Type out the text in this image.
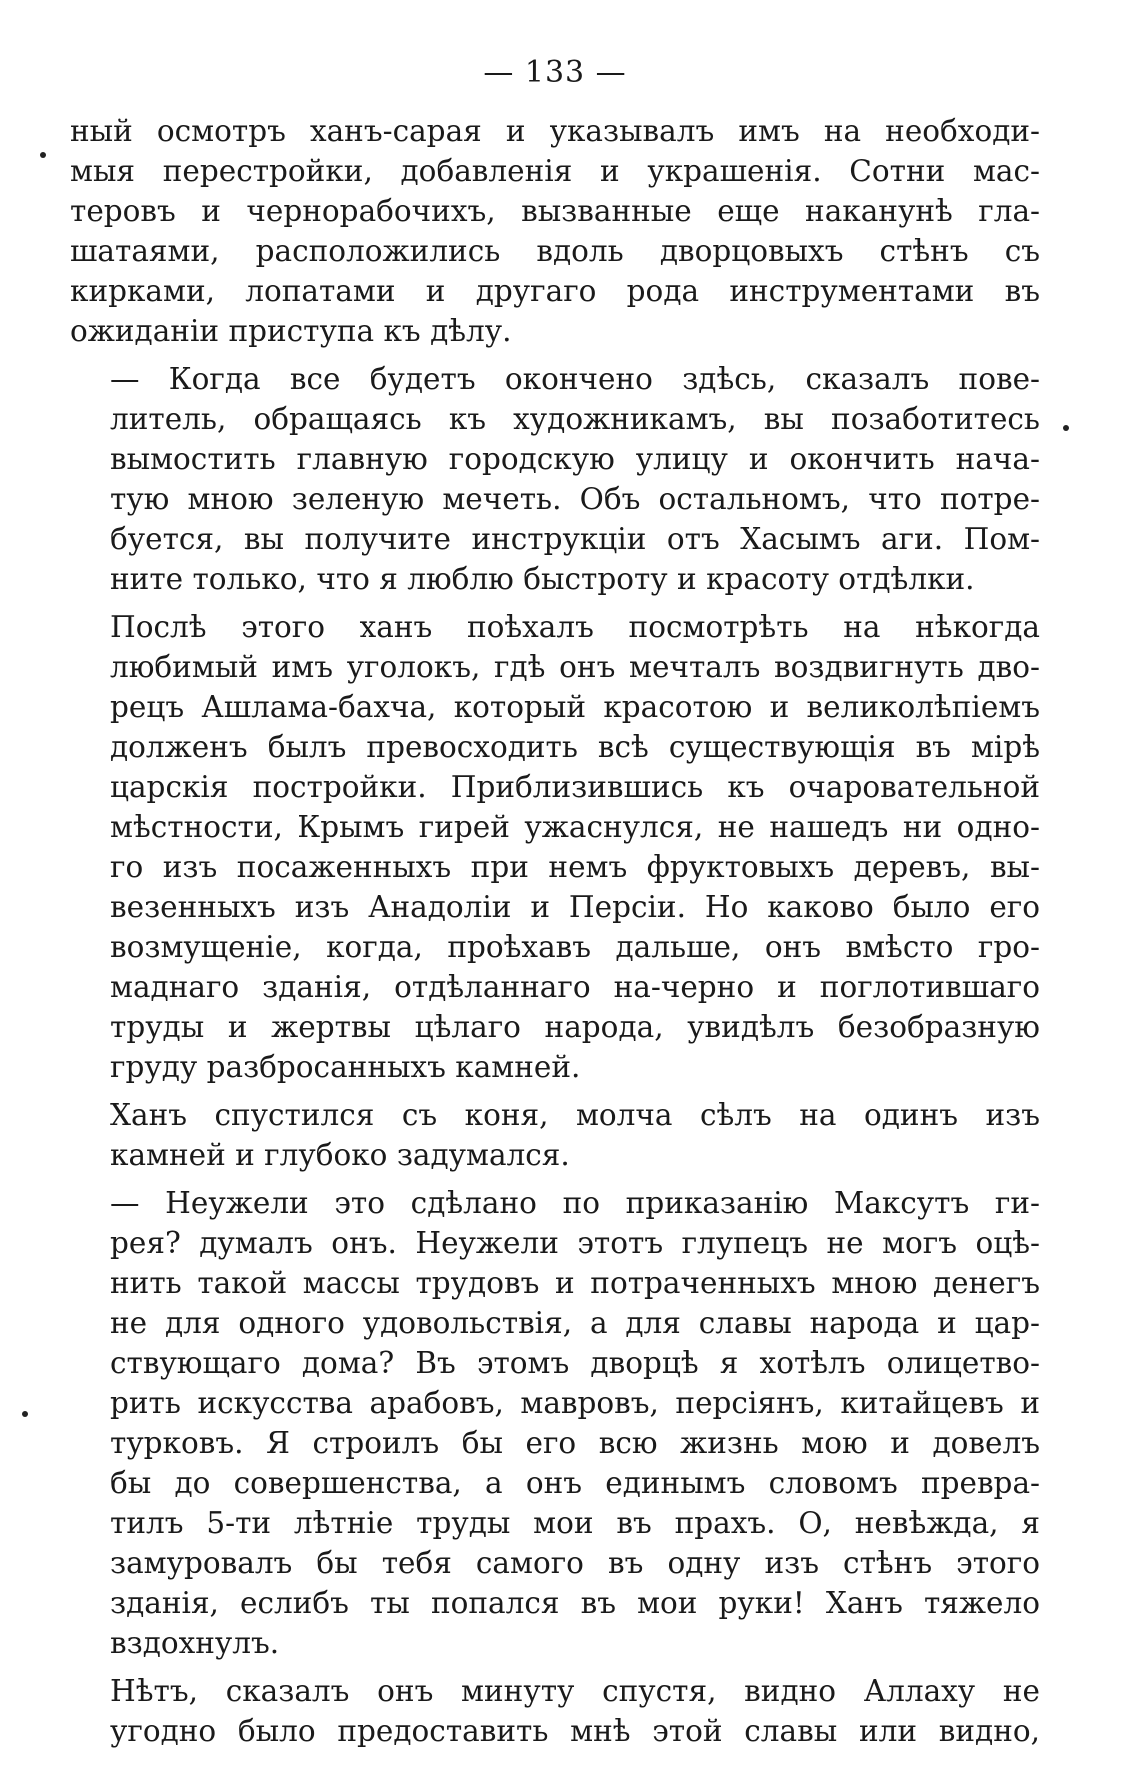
— 133 —
ный осмотръ ханъ-сарая и указывалъ имъ на необходи-
мыя перестройки, добавленія и украшенія. Сотни мас-
теровъ и чернорабочихъ, вызванные еще наканунѣ гла-
шатаями, расположились вдоль дворцовыхъ стѣнъ съ
кирками, лопатами и другаго рода инструментами въ
ожиданіи приступа къ дѣлу.
— Когда все будетъ окончено здѣсь, сказалъ пове-
литель, обращаясь къ художникамъ, вы позаботитесь
вымостить главную городскую улицу и окончить нача-
тую мною зеленую мечеть. Объ остальномъ, что потре-
буется, вы получите инструкціи отъ Хасымъ аги. Пом-
ните только, что я люблю быстроту и красоту отдѣлки.
Послѣ этого ханъ поѣхалъ посмотрѣть на нѣкогда
любимый имъ уголокъ, гдѣ онъ мечталъ воздвигнуть дво-
рецъ Ашлама-бахча, который красотою и великолѣпіемъ
долженъ былъ превосходить всѣ существующія въ мірѣ
царскія постройки. Приблизившись къ очаровательной
мѣстности, Крымъ гирей ужаснулся, не нашедъ ни одно-
го изъ посаженныхъ при немъ фруктовыхъ деревъ, вы-
везенныхъ изъ Анадоліи и Персіи. Но каково было его
возмущеніе, когда, проѣхавъ дальше, онъ вмѣсто гро-
маднаго зданія, отдѣланнаго на-черно и поглотившаго
труды и жертвы цѣлаго народа, увидѣлъ безобразную
груду разбросанныхъ камней.
Ханъ спустился съ коня, молча сѣлъ на одинъ изъ
камней и глубоко задумался.
— Неужели это сдѣлано по приказанію Максутъ ги-
рея? думалъ онъ. Неужели этотъ глупецъ не могъ оцѣ-
нить такой массы трудовъ и потраченныхъ мною денегъ
не для одного удовольствія, а для славы народа и цар-
ствующаго дома? Въ этомъ дворцѣ я хотѣлъ олицетво-
рить искусства арабовъ, мавровъ, персіянъ, китайцевъ и
турковъ. Я строилъ бы его всю жизнь мою и довелъ
бы до совершенства, а онъ единымъ словомъ превра-
тилъ 5-ти лѣтніе труды мои въ прахъ. О, невѣжда, я
замуровалъ бы тебя самого въ одну изъ стѣнъ этого
зданія, еслибъ ты попался въ мои руки! Ханъ тяжело
вздохнулъ.
Нѣтъ, сказалъ онъ минуту спустя, видно Аллаху не
угодно было предоставить мнѣ этой славы или видно,
